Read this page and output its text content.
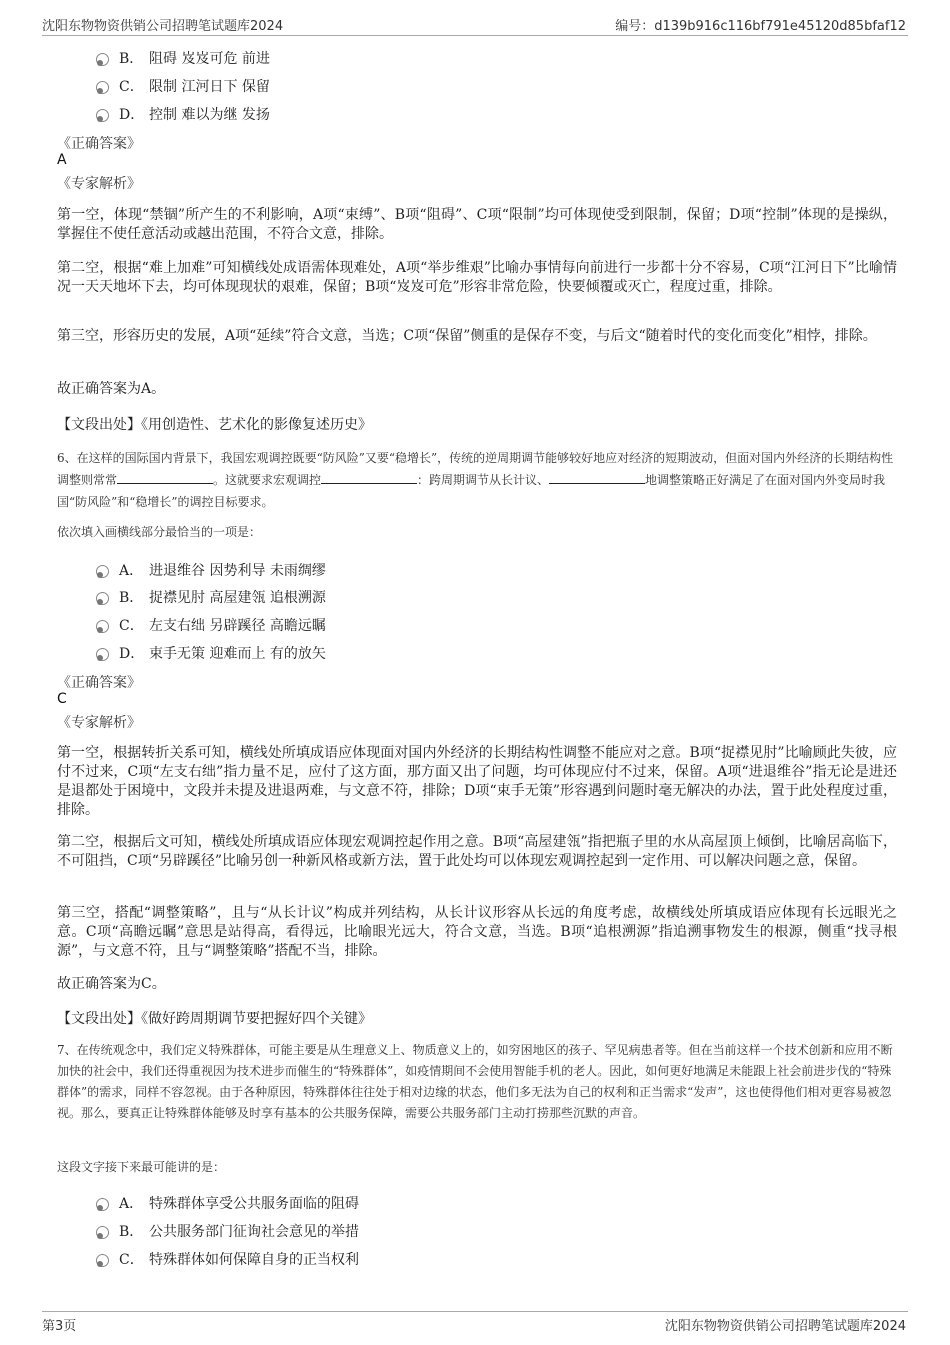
沈阳东物物资供销公司招聘笔试题库2024	编号：d139b916c116bf791e45120d85bfaf12
B． 阻碍 岌岌可危 前进
C． 限制 江河日下 保留
D． 控制 难以为继 发扬
《正确答案》
A
《专家解析》
第一空，体现“禁锢”所产生的不利影响，A项“束缚”、B项“阻碍”、C项“限制”均可体现使受到限制，保留；D项“控制”体现的是操纵，掌握住不使任意活动或越出范围，不符合文意，排除。
第二空，根据“难上加难”可知横线处成语需体现难处，A项“举步维艰”比喻办事情每向前进行一步都十分不容易，C项“江河日下”比喻情况一天天地坏下去，均可体现现状的艰难，保留；B项“岌岌可危”形容非常危险，快要倾覆或灭亡，程度过重，排除。
第三空，形容历史的发展，A项“延续”符合文意，当选；C项“保留”侧重的是保存不变，与后文“随着时代的变化而变化”相悖，排除。
故正确答案为A。
【文段出处】《用创造性、艺术化的影像复述历史》
6、在这样的国际国内背景下，我国宏观调控既要“防风险”又要“稳增长”，传统的逆周期调节能够较好地应对经济的短期波动，但面对国内外经济的长期结构性调整则常常	。这就要求宏观调控	：跨周期调节从长计议、	地调整策略正好满足了在面对国内外变局时我国“防风险”和“稳增长”的调控目标要求。
依次填入画横线部分最恰当的一项是：
A． 进退维谷 因势利导 未雨绸缪
B． 捉襟见肘 高屋建瓴 追根溯源
C． 左支右绌 另辟蹊径 高瞻远瞩
D． 束手无策 迎难而上 有的放矢
《正确答案》
C
《专家解析》
第一空，根据转折关系可知，横线处所填成语应体现面对国内外经济的长期结构性调整不能应对之意。B项“捉襟见肘”比喻顾此失彼，应付不过来，C项“左支右绌”指力量不足，应付了这方面，那方面又出了问题，均可体现应付不过来，保留。A项“进退维谷”指无论是进还是退都处于困境中，文段并未提及进退两难，与文意不符，排除；D项“束手无策”形容遇到问题时毫无解决的办法，置于此处程度过重，排除。
第二空，根据后文可知，横线处所填成语应体现宏观调控起作用之意。B项“高屋建瓴”指把瓶子里的水从高屋顶上倾倒，比喻居高临下，不可阻挡，C项“另辟蹊径”比喻另创一种新风格或新方法，置于此处均可以体现宏观调控起到一定作用、可以解决问题之意，保留。
第三空，搭配“调整策略”，且与“从长计议”构成并列结构，从长计议形容从长远的角度考虑，故横线处所填成语应体现有长远眼光之意。C项“高瞻远瞩”意思是站得高，看得远，比喻眼光远大，符合文意，当选。B项“追根溯源”指追溯事物发生的根源，侧重“找寻根源”，与文意不符，且与“调整策略”搭配不当，排除。
故正确答案为C。
【文段出处】《做好跨周期调节要把握好四个关键》
7、在传统观念中，我们定义特殊群体，可能主要是从生理意义上、物质意义上的，如穷困地区的孩子、罕见病患者等。但在当前这样一个技术创新和应用不断加快的社会中，我们还得重视因为技术进步而催生的“特殊群体”，如疫情期间不会使用智能手机的老人。因此，如何更好地满足未能跟上社会前进步伐的“特殊群体”的需求，同样不容忽视。由于各种原因，特殊群体往往处于相对边缘的状态，他们多无法为自己的权利和正当需求“发声”，这也使得他们相对更容易被忽视。那么，要真正让特殊群体能够及时享有基本的公共服务保障，需要公共服务部门主动打捞那些沉默的声音。
这段文字接下来最可能讲的是：
A． 特殊群体享受公共服务面临的阻碍
B． 公共服务部门征询社会意见的举措
C． 特殊群体如何保障自身的正当权利
第3页	沈阳东物物资供销公司招聘笔试题库2024
